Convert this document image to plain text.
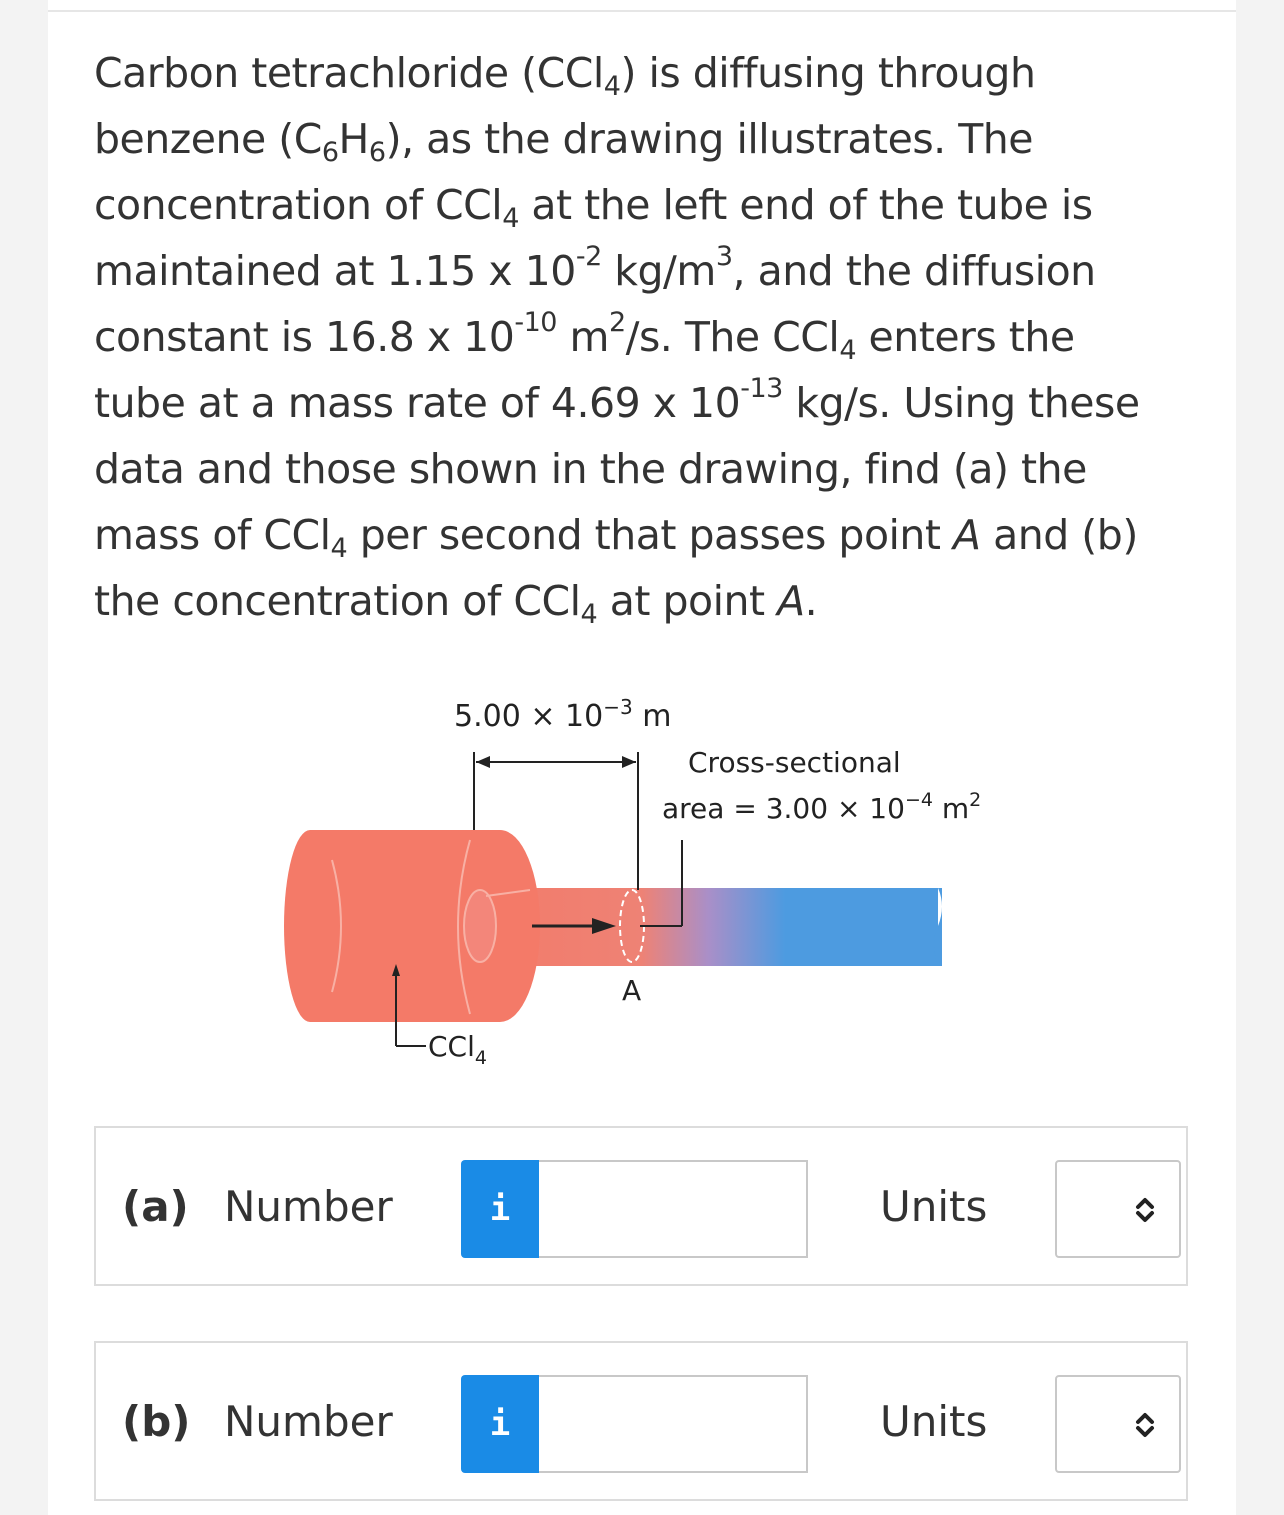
Carbon tetrachloride (CCl$_4$) is diffusing through
benzene $(C_6H_6)$, as the drawing illustrates. The
concentration of CCl$_4$ at the left end of the tube is
maintained at 1.15 x $10^{-2}$ $kg/m^3$, and the diffusion
constant is 16.8 x $10^{-10}$ $m^2/s$. The CCl$_4$ enters the
tube at a mass rate of 4.69 x $10^{-13}$ kg/s. Using these
data and those shown in the drawing, find (a) the
mass of CCl$_4$ per second that passes point A and (b)
the concentration of CCl$_4$ at point A.
$5.00 \times 10^{-3}$ m
Cross-sectional
area = $3.00 \times 10^{-4}$ $m^2$
A
CCl$_4$
(a) Number	i	Units
(b) Number	i	Units
